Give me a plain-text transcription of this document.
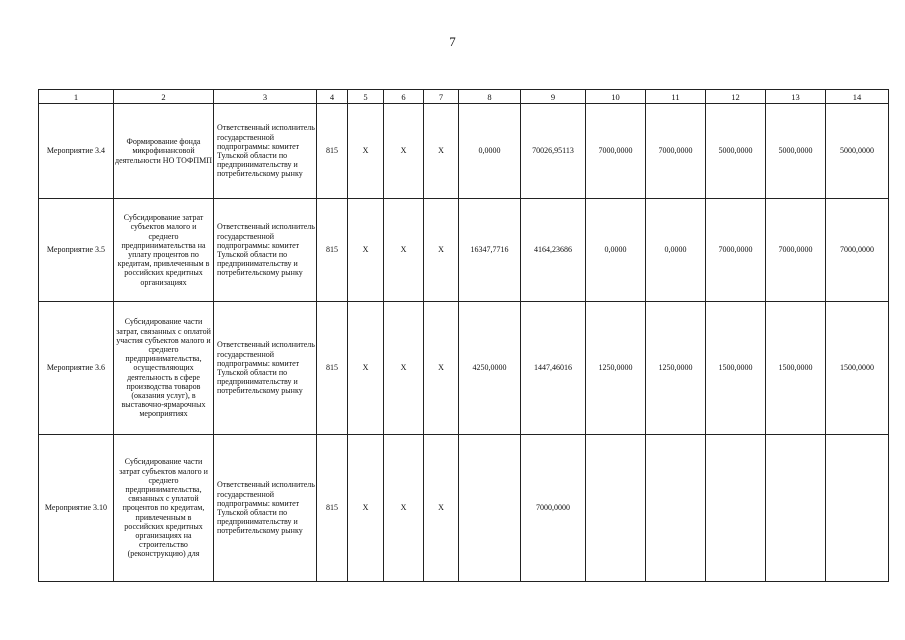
7
1	2	3	4	5	6	7	8	9	10	11	12	13	14

Мероприятие 3.4	Формирование фонда микрофинансовой деятельности НО ТОФПМП	Ответственный исполнитель государственной подпрограммы: комитет Тульской области по предпринимательству и потребительскому рынку	815	Х	Х	Х	0,0000	70026,95113	7000,0000	7000,0000	5000,0000	5000,0000	5000,0000

Мероприятие 3.5	Субсидирование затрат субъектов малого и среднего предпринимательства на уплату процентов по кредитам, привлеченным в российских кредитных организациях	Ответственный исполнитель государственной подпрограммы: комитет Тульской области по предпринимательству и потребительскому рынку	815	Х	Х	Х	16347,7716	4164,23686	0,0000	0,0000	7000,0000	7000,0000	7000,0000

Мероприятие 3.6	Субсидирование части затрат, связанных с оплатой участия субъектов малого и среднего предпринимательства, осуществляющих деятельность в сфере производства товаров (оказания услуг), в выставочно-ярмарочных мероприятиях	Ответственный исполнитель государственной подпрограммы: комитет Тульской области по предпринимательству и потребительскому рынку	815	Х	Х	Х	4250,0000	1447,46016	1250,0000	1250,0000	1500,0000	1500,0000	1500,0000

Мероприятие 3.10	Субсидирование части затрат субъектов малого и среднего предпринимательства, связанных с уплатой процентов по кредитам, привлеченным в российских кредитных организациях на строительство (реконструкцию) для	Ответственный исполнитель государственной подпрограммы: комитет Тульской области по предпринимательству и потребительскому рынку	815	Х	Х	Х		7000,0000					
